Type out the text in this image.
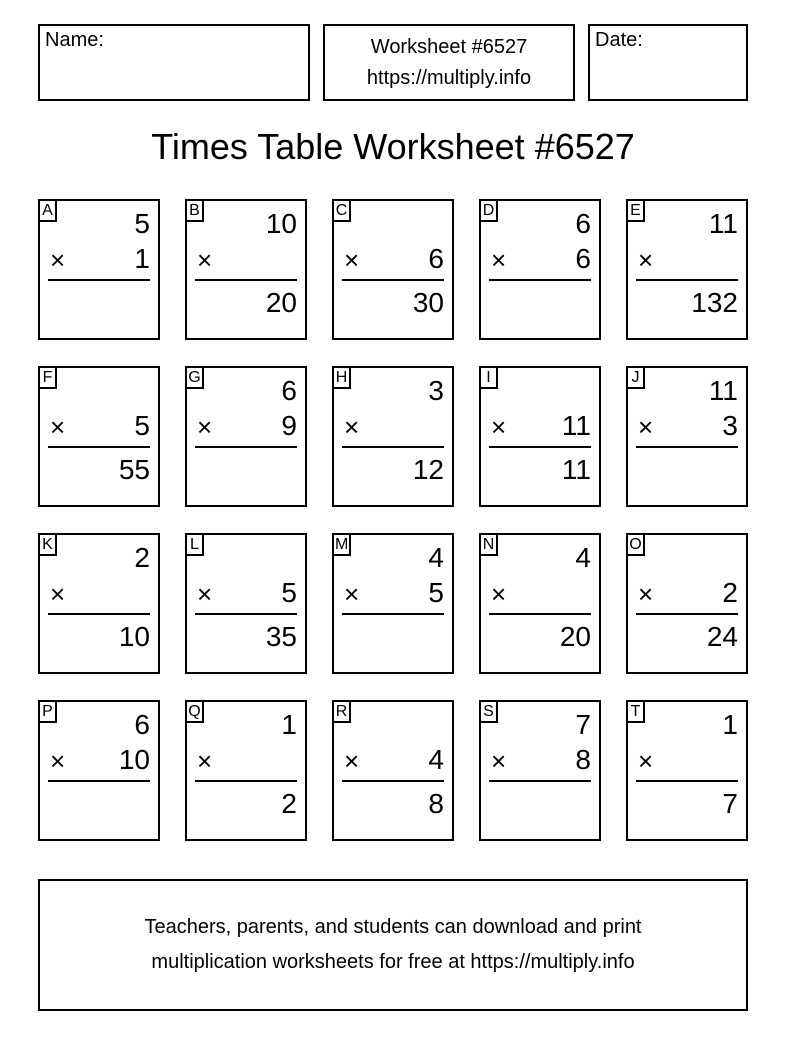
Name:	Worksheet #6527
https://multiply.info
Date:
Times Table Worksheet #6527
A	5
× 1
B 10
×
20
C
× 6
30
D	6
× 6
E 11
×
132
F
× 5
55
G	6
× 9
H	3
×
12
I
× 11
11
J 11
× 3
K	2
×
10
L
× 5
35
M	4
× 5
N	4
×
20
O
× 2
24
P	6
× 10
Q	1
×
2
R
× 4
8
S	7
× 8
T	1
×
7
Teachers, parents, and students can download and print
multiplication worksheets for free at https://multiply.info
